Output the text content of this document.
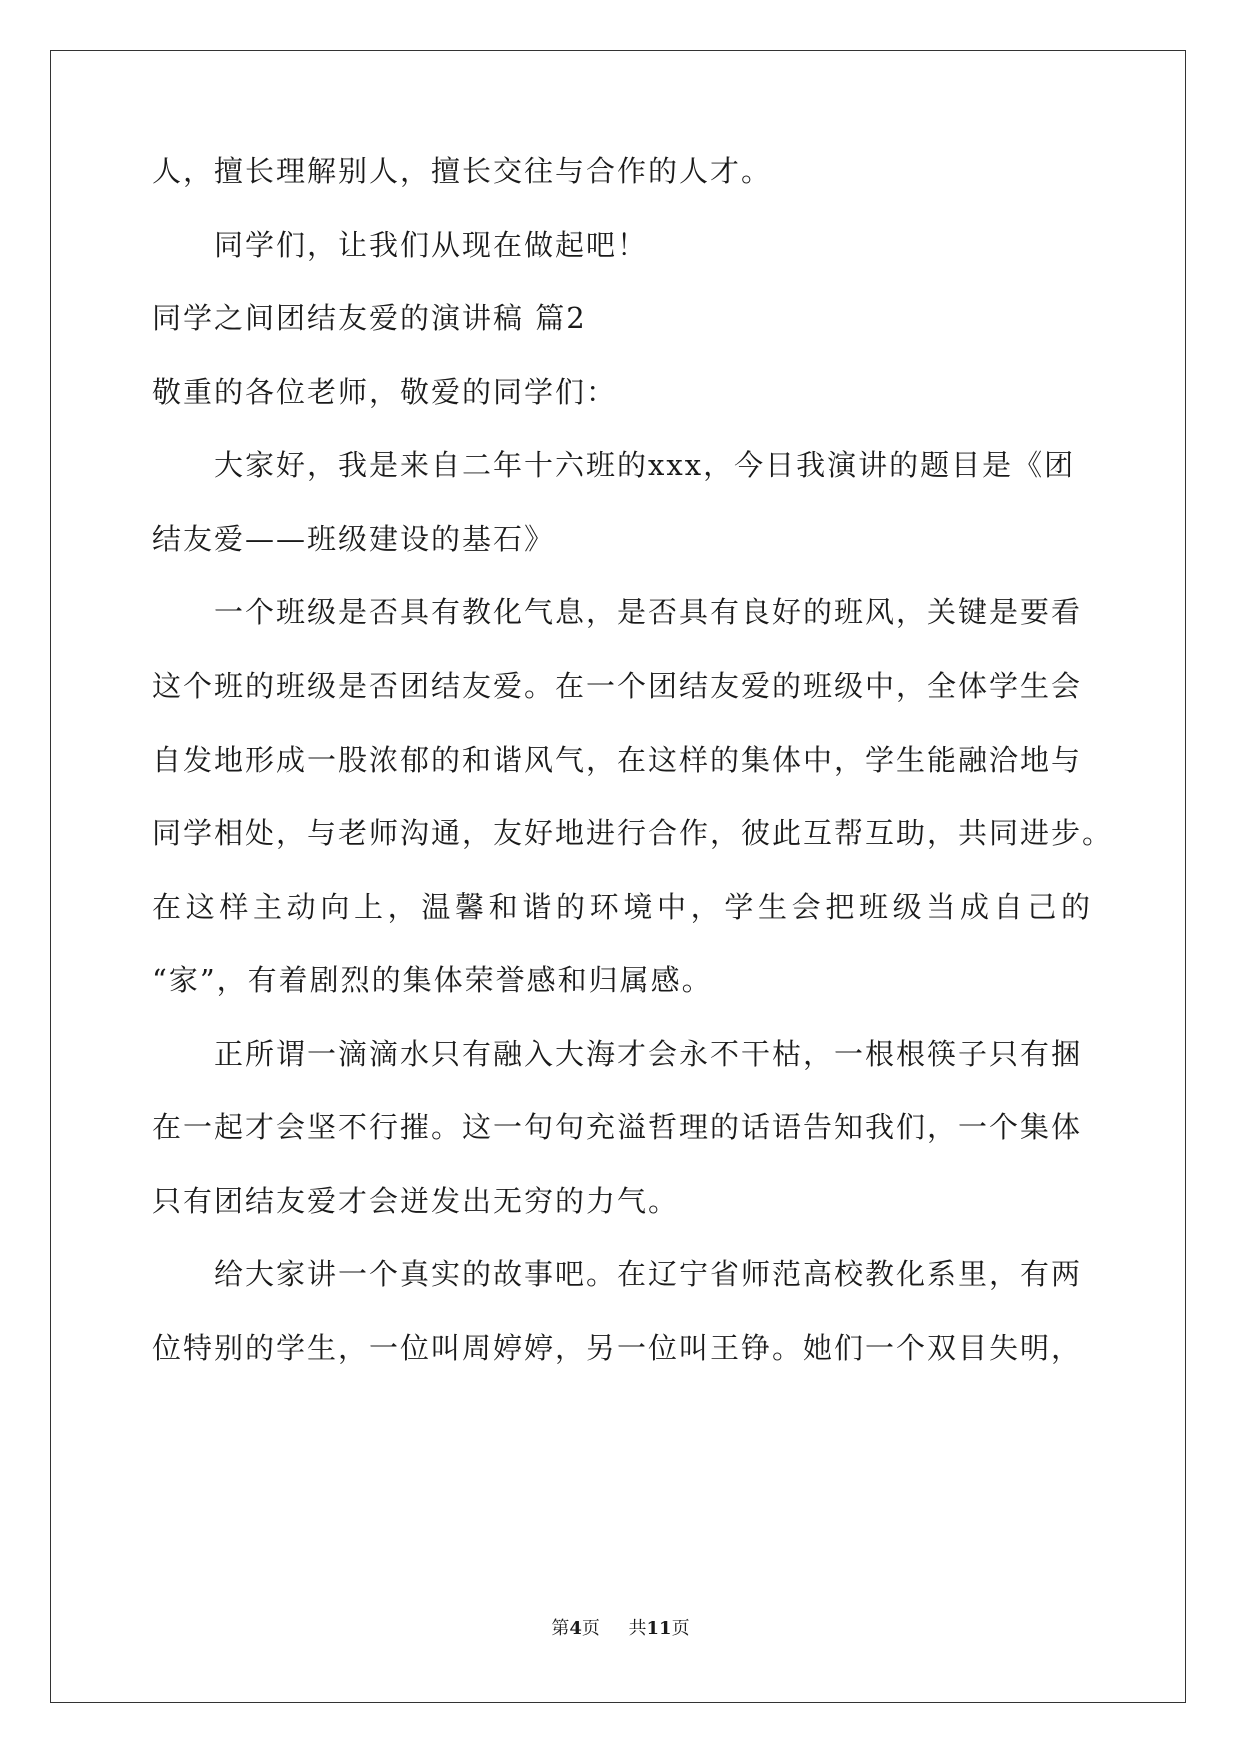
人，擅长理解别人，擅长交往与合作的人才。
同学们，让我们从现在做起吧！
同学之间团结友爱的演讲稿 篇2
敬重的各位老师，敬爱的同学们：
大家好，我是来自二年十六班的xxx，今日我演讲的题目是《团
结友爱——班级建设的基石》
一个班级是否具有教化气息，是否具有良好的班风，关键是要看
这个班的班级是否团结友爱。在一个团结友爱的班级中，全体学生会
自发地形成一股浓郁的和谐风气，在这样的集体中，学生能融洽地与
同学相处，与老师沟通，友好地进行合作，彼此互帮互助，共同进步。
在这样主动向上，温馨和谐的环境中，学生会把班级当成自己的
“家”，有着剧烈的集体荣誉感和归属感。
正所谓一滴滴水只有融入大海才会永不干枯，一根根筷子只有捆
在一起才会坚不行摧。这一句句充溢哲理的话语告知我们，一个集体
只有团结友爱才会迸发出无穷的力气。
给大家讲一个真实的故事吧。在辽宁省师范高校教化系里，有两
位特别的学生，一位叫周婷婷，另一位叫王铮。她们一个双目失明，
第4页 共11页
